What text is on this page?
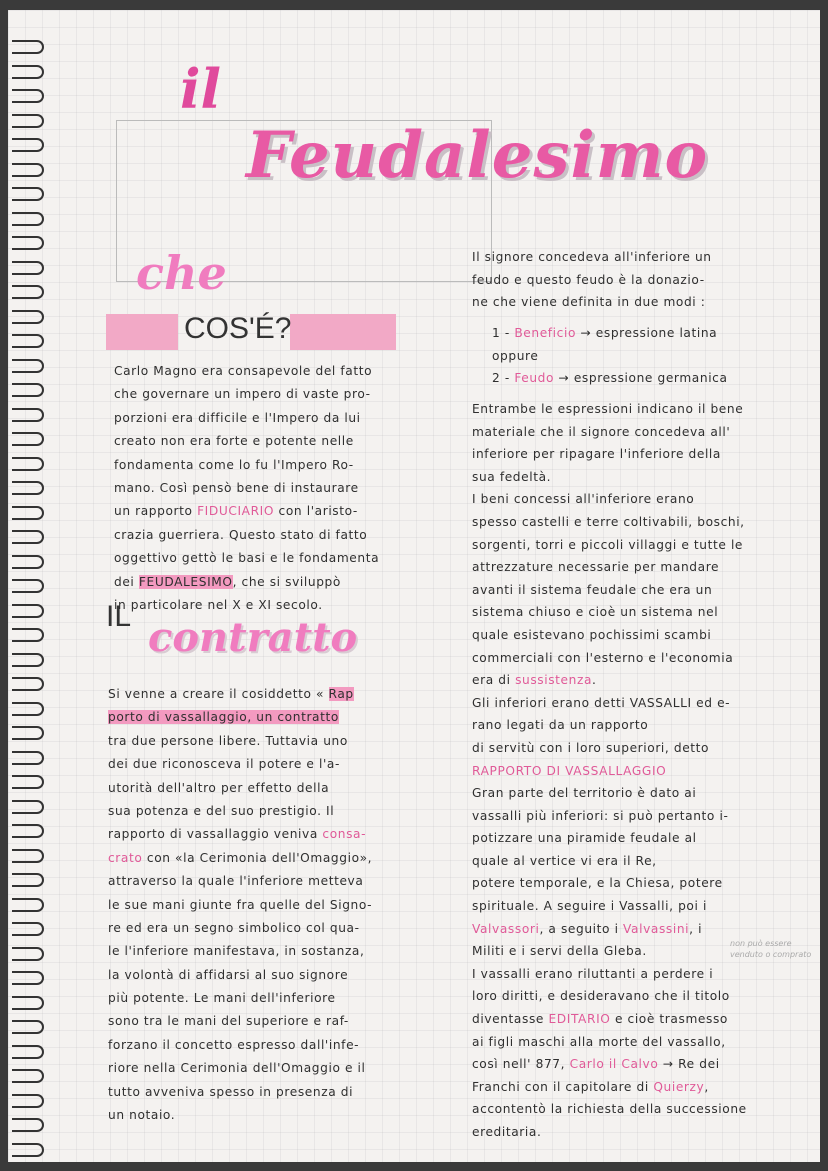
il
Feudalesimo
che
COS'É?
Carlo Magno era consapevole del fatto
che governare un impero di vaste pro-
porzioni era difficile e l'Impero da lui
creato non era forte e potente nelle
fondamenta come lo fu l'Impero Ro-
mano. Così pensò bene di instaurare
un rapporto FIDUCIARIO con l'aristo-
crazia guerriera. Questo stato di fatto
oggettivo gettò le basi e le fondamenta
dei FEUDALESIMO, che si sviluppò
in particolare nel X e XI secolo.
IL contratto
Si venne a creare il cosiddetto « Rap
porto di vassallaggio, un contratto
tra due persone libere. Tuttavia uno
dei due riconosceva il potere e l'a-
utorità dell'altro per effetto della
sua potenza e del suo prestigio. Il
rapporto di vassallaggio veniva consa-
crato con «la Cerimonia dell'Omaggio»,
attraverso la quale l'inferiore metteva
le sue mani giunte fra quelle del Signo-
re ed era un segno simbolico col qua-
le l'inferiore manifestava, in sostanza,
la volontà di affidarsi al suo signore
più potente. Le mani dell'inferiore
sono tra le mani del superiore e raf-
forzano il concetto espresso dall'infe-
riore nella Cerimonia dell'Omaggio e il
tutto avveniva spesso in presenza di
un notaio.
Il signore concedeva all'inferiore un
feudo e questo feudo è la donazio-
ne che viene definita in due modi :
1 - Beneficio → espressione latina
oppure
2 - Feudo → espressione germanica
Entrambe le espressioni indicano il bene
materiale che il signore concedeva all'
inferiore per ripagare l'inferiore della
sua fedeltà.
I beni concessi all'inferiore erano
spesso castelli e terre coltivabili, boschi,
sorgenti, torri e piccoli villaggi e tutte le
attrezzature necessarie per mandare
avanti il sistema feudale che era un
sistema chiuso e cioè un sistema nel
quale esistevano pochissimi scambi
commerciali con l'esterno e l'economia
era di sussistenza.
Gli inferiori erano detti VASSALLI ed e-
rano legati da un rapporto
di servitù con i loro superiori, detto
RAPPORTO DI VASSALLAGGIO
Gran parte del territorio è dato ai
vassalli più inferiori: si può pertanto i-
potizzare una piramide feudale al
quale al vertice vi era il Re,
potere temporale, e la Chiesa, potere
spirituale. A seguire i Vassalli, poi i
Valvassori, a seguito i Valvassini, i
Militi e i servi della Gleba.
I vassalli erano riluttanti a perdere i
loro diritti, e desideravano che il titolo
diventasse EDITARIO e cioè trasmesso
ai figli maschi alla morte del vassallo,
così nell' 877, Carlo il Calvo → Re dei
Franchi con il capitolare di Quierzy,
accontentò la richiesta della successione
ereditaria.
non può essere
venduto o comprato
